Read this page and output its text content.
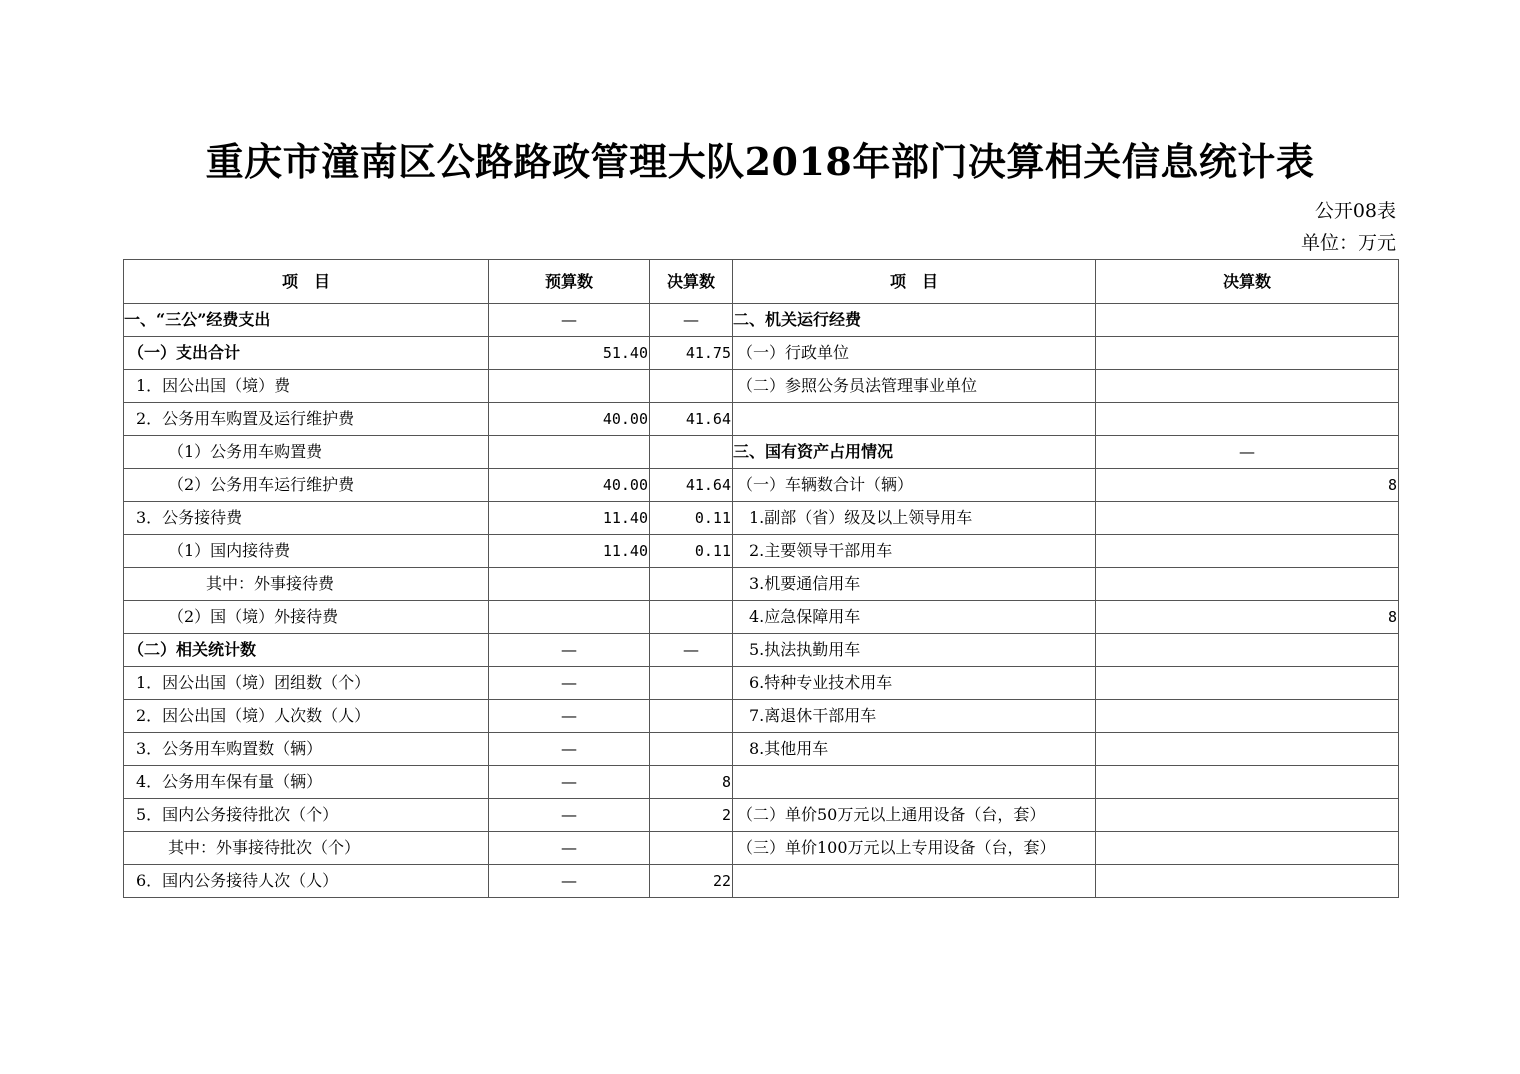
重庆市潼南区公路路政管理大队2018年部门决算相关信息统计表
公开08表
单位：万元
项　目	预算数	决算数	项　目	决算数
一、“三公”经费支出	—	—	二、机关运行经费	
（一）支出合计	51.40	41.75	（一）行政单位	
1．因公出国（境）费			（二）参照公务员法管理事业单位	
2．公务用车购置及运行维护费	40.00	41.64		
（1）公务用车购置费			三、国有资产占用情况	—
（2）公务用车运行维护费	40.00	41.64	（一）车辆数合计（辆）	8
3．公务接待费	11.40	0.11	1.副部（省）级及以上领导用车	
（1）国内接待费	11.40	0.11	2.主要领导干部用车	
其中：外事接待费			3.机要通信用车	
（2）国（境）外接待费			4.应急保障用车	8
（二）相关统计数	—	—	5.执法执勤用车	
1．因公出国（境）团组数（个）	—		6.特种专业技术用车	
2．因公出国（境）人次数（人）	—		7.离退休干部用车	
3．公务用车购置数（辆）	—		8.其他用车	
4．公务用车保有量（辆）	—	8		
5．国内公务接待批次（个）	—	2	（二）单价50万元以上通用设备（台，套）	
其中：外事接待批次（个）	—		（三）单价100万元以上专用设备（台，套）	
6．国内公务接待人次（人）	—	22		
